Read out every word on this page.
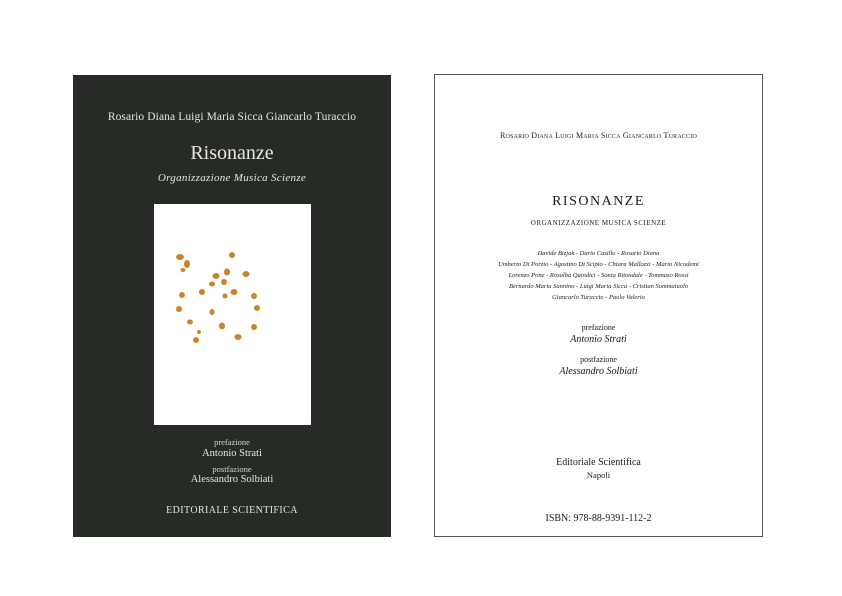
Rosario Diana Luigi Maria Sicca Giancarlo Turaccio
Risonanze
Organizzazione Musica Scienze
prefazione
Antonio Strati
postfazione
Alessandro Solbiati
EDITORIALE SCIENTIFICA
Rosario Diana Luigi Maria Sicca Giancarlo Turaccio
RISONANZE
ORGANIZZAZIONE MUSICA SCIENZE
Davide Bizjak - Dario Casillo - Rosario Diana
Umberto Di Porzio - Agostino Di Scipio - Chiara Mallozzi - Mario Nicodemi
Lorenzo Pone - Rosalba Quindici - Sonia Ritondale - Tommaso Rossi
Bernardo Maria Sannino - Luigi Maria Sicca - Cristian Sommaiuolo
Giancarlo Turaccio - Paolo Valerio
prefazione
Antonio Strati
postfazione
Alessandro Solbiati
Editoriale Scientifica
Napoli
ISBN: 978-88-9391-112-2
